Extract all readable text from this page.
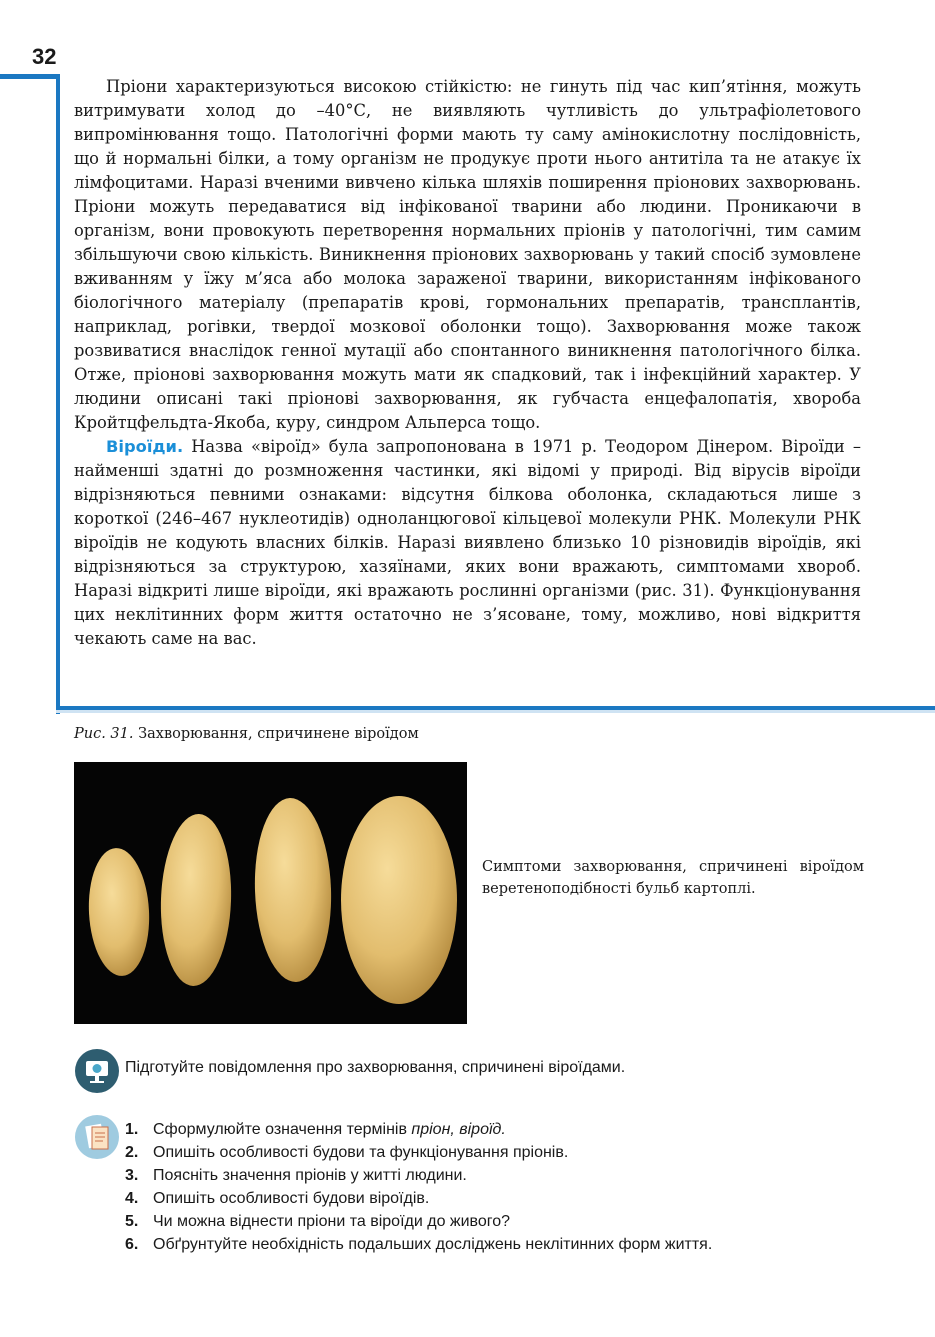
32

Пріони характеризуються високою стійкістю: не гинуть під час кип’ятіння, можуть витримувати холод до –40°С, не виявляють чутливість до ультрафіолетового випромінювання тощо. Патологічні форми мають ту саму амінокислотну послідовність, що й нормальні білки, а тому організм не продукує проти нього антитіла та не атакує їх лімфоцитами. Наразі вченими вивчено кілька шляхів поширення пріонових захворювань. Пріони можуть передаватися від інфікованої тварини або людини. Проникаючи в організм, вони провокують перетворення нормальних пріонів у патологічні, тим самим збільшуючи свою кількість. Виникнення пріонових захворювань у такий спосіб зумовлене вживанням у їжу м’яса або молока зараженої тварини, використанням інфікованого біологічного матеріалу (препаратів крові, гормональних препаратів, трансплантів, наприклад, рогівки, твердої мозкової оболонки тощо). Захворювання може також розвиватися внаслідок генної мутації або спонтанного виникнення патологічного білка. Отже, пріонові захворювання можуть мати як спадковий, так і інфекційний характер. У людини описані такі пріонові захворювання, як губчаста енцефалопатія, хвороба Кройтцфельдта-Якоба, куру, синдром Альперса тощо.

Віроїди. Назва «віроїд» була запропонована в 1971 р. Теодором Дінером. Віроїди – найменші здатні до розмноження частинки, які відомі у природі. Від вірусів віроїди відрізняються певними ознаками: відсутня білкова оболонка, складаються лише з короткої (246–467 нуклеотидів) одноланцюгової кільцевої молекули РНК. Молекули РНК віроїдів не кодують власних білків. Наразі виявлено близько 10 різновидів віроїдів, які відрізняються за структурою, хазяїнами, яких вони вражають, симптомами хвороб. Наразі відкриті лише віроїди, які вражають рослинні організми (рис. 31). Функціонування цих неклітинних форм життя остаточно не з’ясоване, тому, можливо, нові відкриття чекають саме на вас.

Рис. 31. Захворювання, спричинене віроїдом
Симптоми захворювання, спричинені віроїдом веретеноподібності бульб картоплі.
Підготуйте повідомлення про захворювання, спричинені віроїдами.
1. Сформулюйте означення термінів пріон, віроїд.
2. Опишіть особливості будови та функціонування пріонів.
3. Поясніть значення пріонів у житті людини.
4. Опишіть особливості будови віроїдів.
5. Чи можна віднести пріони та віроїди до живого?
6. Обґрунтуйте необхідність подальших досліджень неклітинних форм життя.
